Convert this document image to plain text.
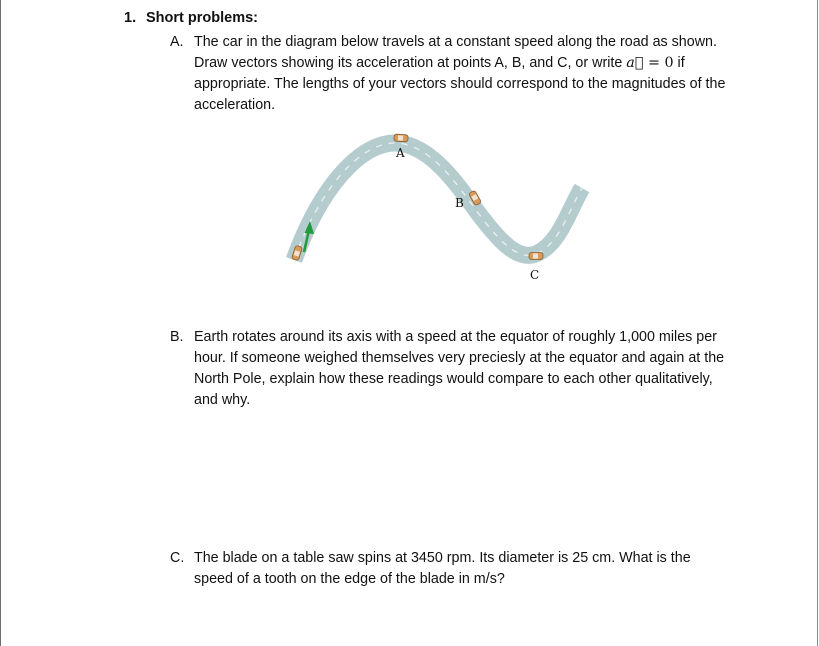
1. Short problems:
A. The car in the diagram below travels at a constant speed along the road as shown. Draw vectors showing its acceleration at points A, B, and C, or write a⃗ = 0 if appropriate. The lengths of your vectors should correspond to the magnitudes of the acceleration.
A
B
C
B. Earth rotates around its axis with a speed at the equator of roughly 1,000 miles per hour. If someone weighed themselves very preciesly at the equator and again at the North Pole, explain how these readings would compare to each other qualitatively, and why.
C. The blade on a table saw spins at 3450 rpm. Its diameter is 25 cm. What is the speed of a tooth on the edge of the blade in m/s?
